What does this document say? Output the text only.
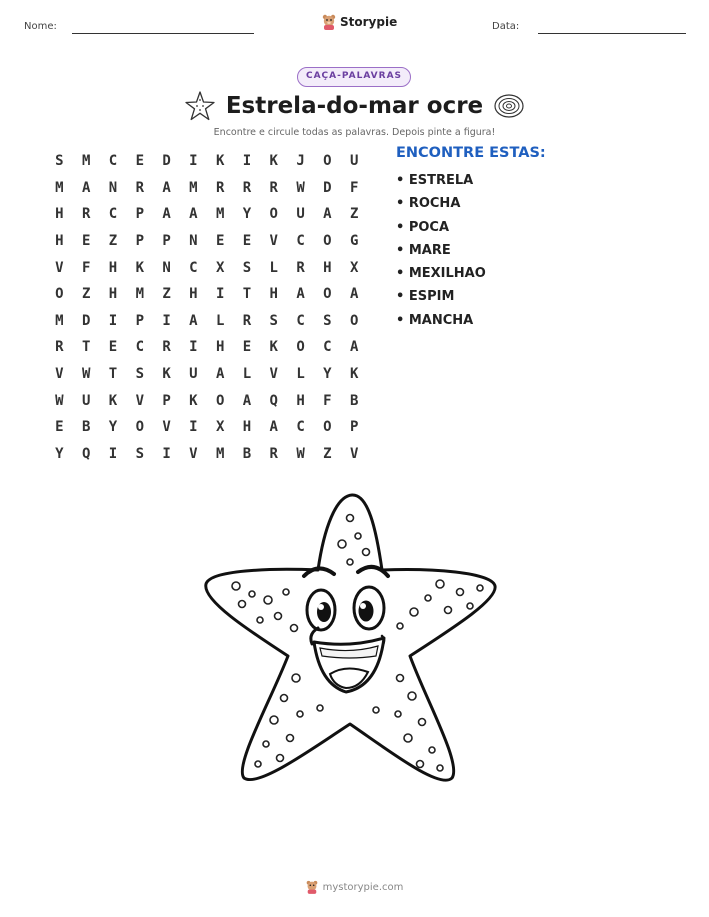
Nome:	Storypie	Data:
CAÇA-PALAVRAS
Estrela-do-mar ocre
Encontre e circule todas as palavras. Depois pinte a figura!
S	M	C	E	D	I	K	I	K	J	O	U
M	A	N	R	A	M	R	R	R	W	D	F
H	R	C	P	A	A	M	Y	O	U	A	Z
H	E	Z	P	P	N	E	E	V	C	O	G
V	F	H	K	N	C	X	S	L	R	H	X
O	Z	H	M	Z	H	I	T	H	A	O	A
M	D	I	P	I	A	L	R	S	C	S	O
R	T	E	C	R	I	H	E	K	O	C	A
V	W	T	S	K	U	A	L	V	L	Y	K
W	U	K	V	P	K	O	A	Q	H	F	B
E	B	Y	O	V	I	X	H	A	C	O	P
Y	Q	I	S	I	V	M	B	R	W	Z	V
ENCONTRE ESTAS:
• ESTRELA
• ROCHA
• POCA
• MARE
• MEXILHAO
• ESPIM
• MANCHA
mystorypie.com
